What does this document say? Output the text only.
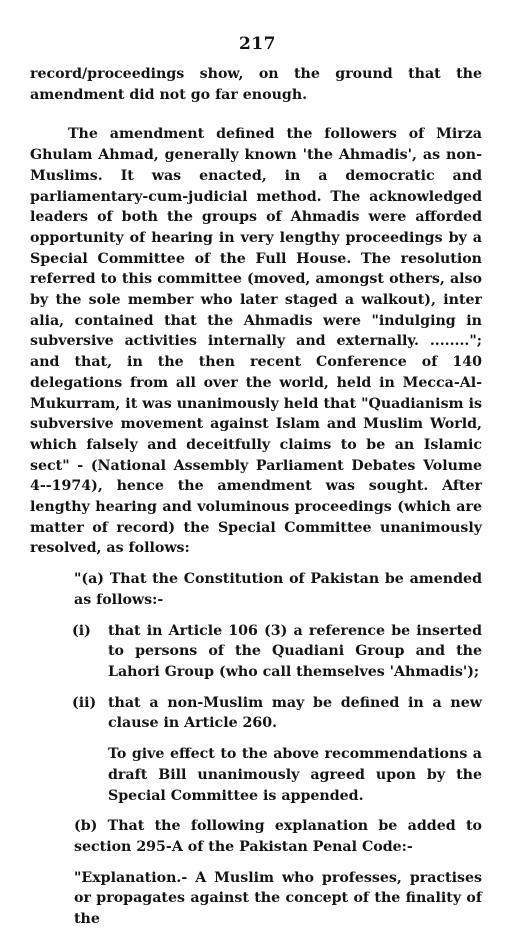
217

record/proceedings show, on the ground that the amendment did not go far enough.

The amendment defined the followers of Mirza Ghulam Ahmad, generally known 'the Ahmadis', as non-Muslims. It was enacted, in a democratic and parliamentary-cum-judicial method. The acknowledged leaders of both the groups of Ahmadis were afforded opportunity of hearing in very lengthy proceedings by a Special Committee of the Full House. The resolution referred to this committee (moved, amongst others, also by the sole member who later staged a walkout), inter alia, contained that the Ahmadis were "indulging in subversive activities internally and externally. ........"; and that, in the then recent Conference of 140 delegations from all over the world, held in Mecca-Al-Mukurram, it was unanimously held that "Quadianism is subversive movement against Islam and Muslim World, which falsely and deceitfully claims to be an Islamic sect" - (National Assembly Parliament Debates Volume 4--1974), hence the amendment was sought. After lengthy hearing and voluminous proceedings (which are matter of record) the Special Committee unanimously resolved, as follows:

"(a) That the Constitution of Pakistan be amended as follows:-

(i) that in Article 106 (3) a reference be inserted to persons of the Quadiani Group and the Lahori Group (who call themselves 'Ahmadis');

(ii) that a non-Muslim may be defined in a new clause in Article 260.

To give effect to the above recommendations a draft Bill unanimously agreed upon by the Special Committee is appended.

(b) That the following explanation be added to section 295-A of the Pakistan Penal Code:-

"Explanation.- A Muslim who professes, practises or propagates against the concept of the finality of the
